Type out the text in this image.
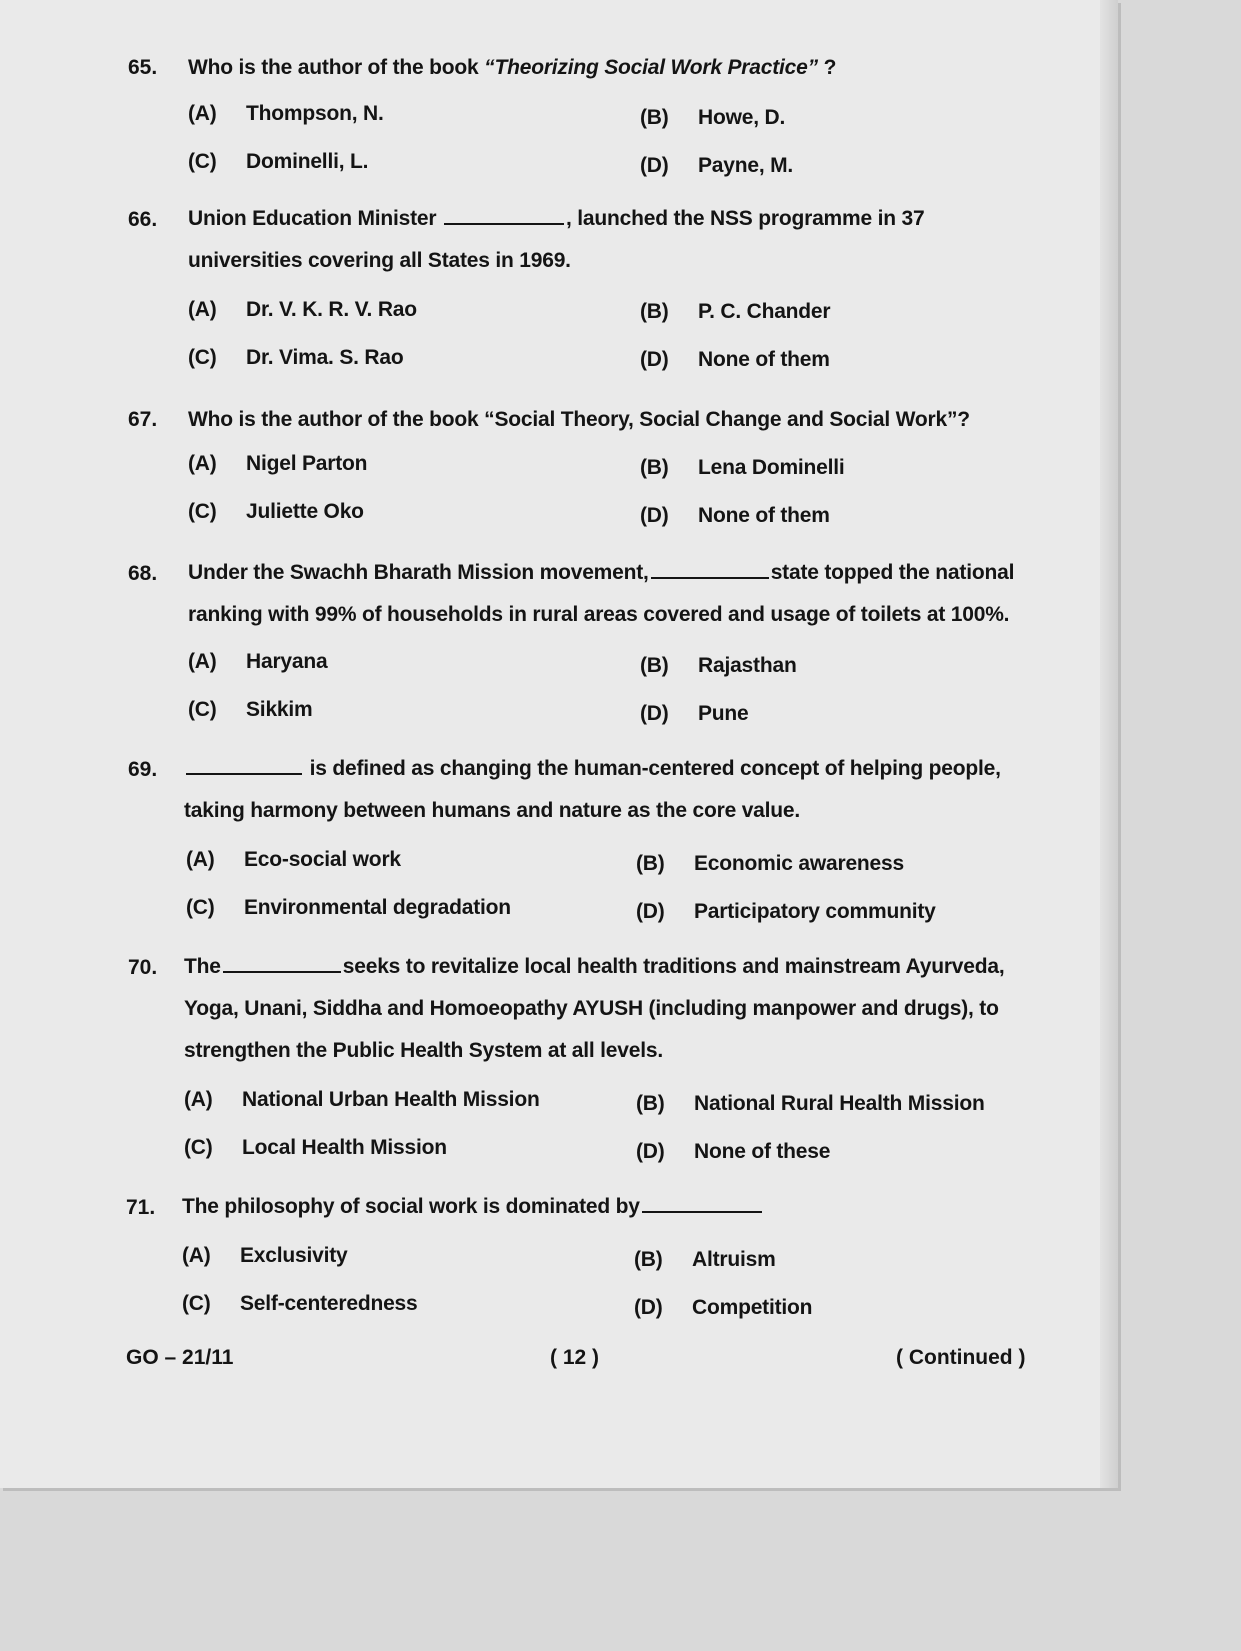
65. Who is the author of the book “Theorizing Social Work Practice” ?
(A) Thompson, N.	(B) Howe, D.
(C) Dominelli, L.	(D) Payne, M.
66. Union Education Minister	, launched the NSS programme in 37
universities covering all States in 1969.
(A) Dr. V. K. R. V. Rao	(B) P. C. Chander
(C) Dr. Vima. S. Rao	(D) None of them
67. Who is the author of the book “Social Theory, Social Change and Social Work”?
(A) Nigel Parton	(B) Lena Dominelli
(C) Juliette Oko	(D) None of them
68. Under the Swachh Bharath Mission movement,	state topped the national
ranking with 99% of households in rural areas covered and usage of toilets at 100%.
(A) Haryana	(B) Rajasthan
(C) Sikkim	(D) Pune
69.	is defined as changing the human-centered concept of helping people,
taking harmony between humans and nature as the core value.
(A) Eco-social work	(B) Economic awareness
(C) Environmental degradation	(D) Participatory community
70. The	seeks to revitalize local health traditions and mainstream Ayurveda,
Yoga, Unani, Siddha and Homoeopathy AYUSH (including manpower and drugs), to
strengthen the Public Health System at all levels.
(A) National Urban Health Mission	(B) National Rural Health Mission
(C) Local Health Mission	(D) None of these
71. The philosophy of social work is dominated by
(A) Exclusivity	(B) Altruism
(C) Self-centeredness	(D) Competition
GO – 21/11	( 12 )	( Continued )
